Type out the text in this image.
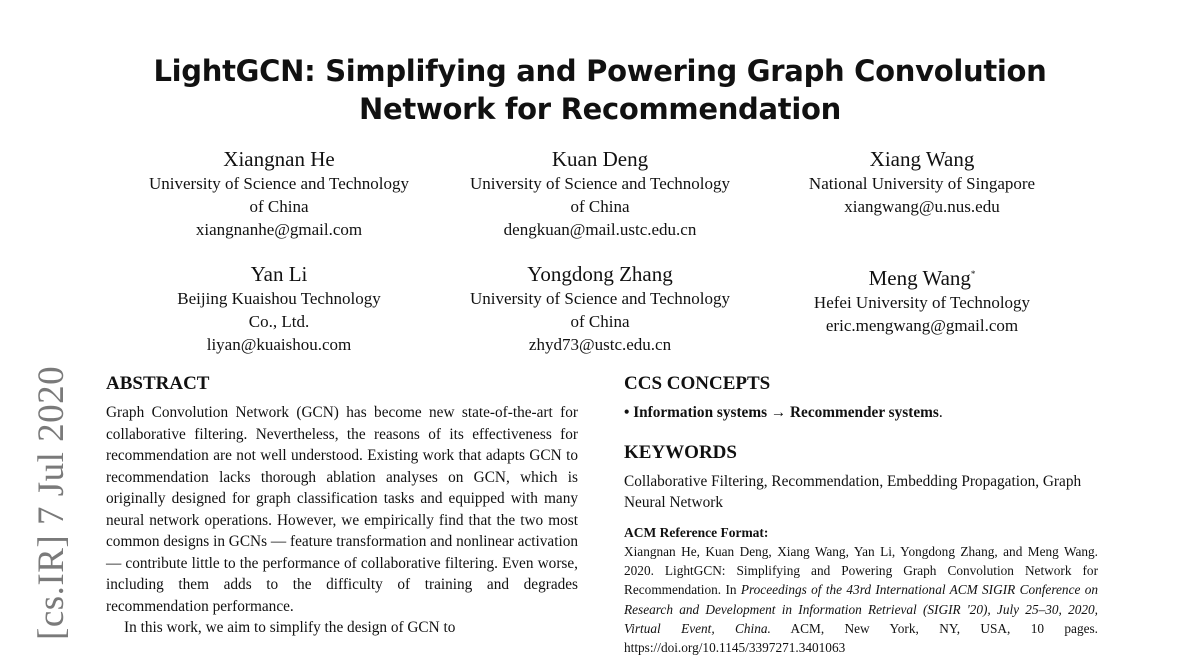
[cs.IR] 7 Jul 2020
LightGCN: Simplifying and Powering Graph Convolution
Network for Recommendation
Xiangnan He
University of Science and Technology
of China
xiangnanhe@gmail.com
Kuan Deng
University of Science and Technology
of China
dengkuan@mail.ustc.edu.cn
Xiang Wang
National University of Singapore
xiangwang@u.nus.edu
Yan Li
Beijing Kuaishou Technology
Co., Ltd.
liyan@kuaishou.com
Yongdong Zhang
University of Science and Technology
of China
zhyd73@ustc.edu.cn
Meng Wang*
Hefei University of Technology
eric.mengwang@gmail.com
ABSTRACT

Graph Convolution Network (GCN) has become new state-of-the-art for collaborative filtering. Nevertheless, the reasons of its effectiveness for recommendation are not well understood. Existing work that adapts GCN to recommendation lacks thorough ablation analyses on GCN, which is originally designed for graph classification tasks and equipped with many neural network operations. However, we empirically find that the two most common designs in GCNs — feature transformation and nonlinear activation — contribute little to the performance of collaborative filtering. Even worse, including them adds to the difficulty of training and degrades recommendation performance.

In this work, we aim to simplify the design of GCN to

CCS CONCEPTS

• Information systems → Recommender systems.

KEYWORDS

Collaborative Filtering, Recommendation, Embedding Propagation, Graph Neural Network

ACM Reference Format:

Xiangnan He, Kuan Deng, Xiang Wang, Yan Li, Yongdong Zhang, and Meng Wang. 2020. LightGCN: Simplifying and Powering Graph Convolution Network for Recommendation. In Proceedings of the 43rd International ACM SIGIR Conference on Research and Development in Information Retrieval (SIGIR '20), July 25–30, 2020, Virtual Event, China. ACM, New York, NY, USA, 10 pages. https://doi.org/10.1145/3397271.3401063
